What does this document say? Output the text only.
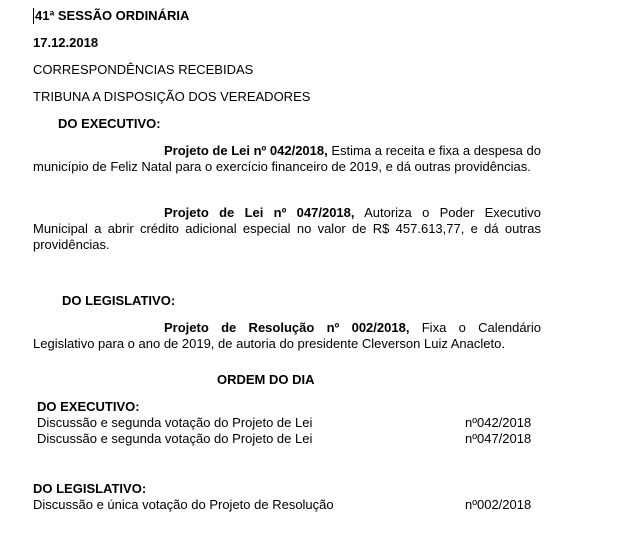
41ª SESSÃO ORDINÁRIA
17.12.2018
CORRESPONDÊNCIAS RECEBIDAS
TRIBUNA A DISPOSIÇÃO DOS VEREADORES
DO EXECUTIVO:
Projeto de Lei nº 042/2018, Estima a receita e fixa a despesa do município de Feliz Natal para o exercício financeiro de 2019, e dá outras providências.
Projeto de Lei nº 047/2018, Autoriza o Poder Executivo Municipal a abrir crédito adicional especial no valor de R$ 457.613,77, e dá outras providências.
DO LEGISLATIVO:
Projeto de Resolução nº 002/2018, Fixa o Calendário Legislativo para o ano de 2019, de autoria do presidente Cleverson Luiz Anacleto.
ORDEM DO DIA
DO EXECUTIVO:
Discussão e segunda votação do Projeto de Lei	nº042/2018
Discussão e segunda votação do Projeto de Lei	nº047/2018
DO LEGISLATIVO:
Discussão e única votação do Projeto de Resolução	nº002/2018
